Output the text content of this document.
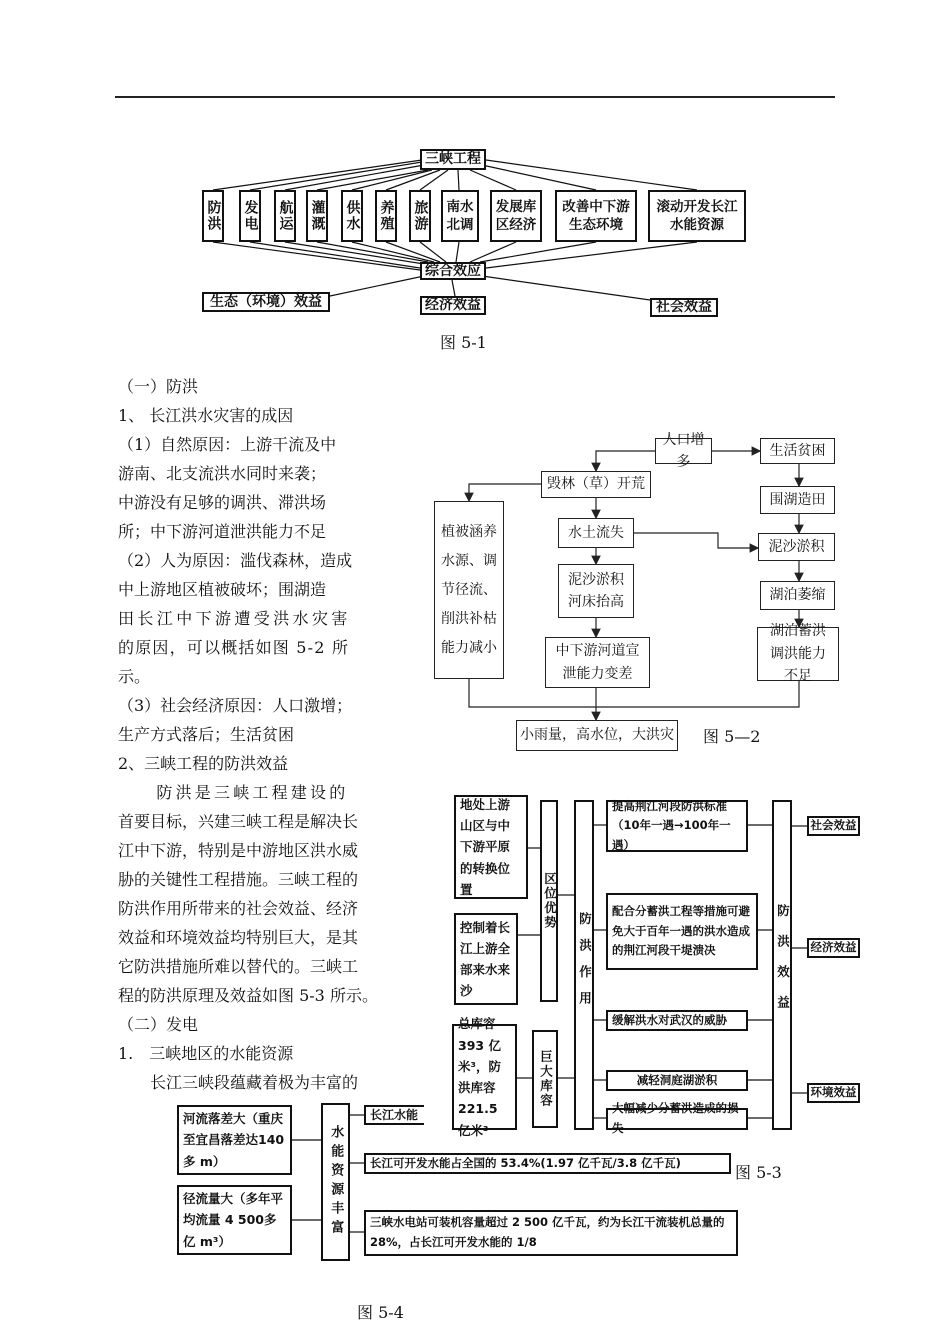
三峡工程
防洪 发电 航运 灌溉 供水 养殖 旅游	南水北调
发展库区经济
改善中下游生态环境
滚动开发长江水能资源
综合效应
生态（环境）效益	经济效益	社会效益
图 5-1
（一）防洪
1、 长江洪水灾害的成因
（1）自然原因：上游干流及中
游南、北支流洪水同时来袭；
中游没有足够的调洪、滞洪场
所；中下游河道泄洪能力不足
（2）人为原因：滥伐森林，造成
中上游地区植被破坏；围湖造
田长江中下游遭受洪水灾害
的原因，可以概括如图 5-2 所
示。
（3）社会经济原因：人口激增；
生产方式落后；生活贫困
2、三峡工程的防洪效益
　　防洪是三峡工程建设的
首要目标，兴建三峡工程是解决长
江中下游，特别是中游地区洪水威
胁的关键性工程措施。三峡工程的
防洪作用所带来的社会效益、经济
效益和环境效益均特别巨大，是其
它防洪措施所难以替代的。三峡工
程的防洪原理及效益如图 5-3 所示。
（二）发电
1.　三峡地区的水能资源
　　长江三峡段蕴藏着极为丰富的
人口增多
生活贫困
毁林（草）开荒
围湖造田
植被涵养水源、调节径流、削洪补枯能力减小
水土流失
泥沙淤积
泥沙淤积河床抬高	湖泊萎缩
中下游河道宣泄能力变差
湖泊蓄洪调洪能力不足
小雨量，高水位，大洪灾 图 5—2
地处上游山区与中下游平原的转换位置
控制着长江上游全部来水来沙
总库容 393 亿米³，防洪库容 221.5 亿米³
区位优势
巨大库容
防洪作用
提高荆江河段防洪标准（10年一遇→100年一遇）
配合分蓄洪工程等措施可避免大于百年一遇的洪水造成的荆江河段干堤溃决
缓解洪水对武汉的威胁
减轻洞庭湖淤积
大幅减少分蓄洪造成的损失
防洪效益
社会效益
经济效益
环境效益
图 5-3
河流落差大（重庆至宜昌落差达140 多 m）
径流量大（多年平均流量 4 500多亿 m³）
水能资源丰富
长江水能
长江可开发水能占全国的 53.4%(1.97 亿千瓦/3.8 亿千瓦)
三峡水电站可装机容量超过 2 500 亿千瓦，约为长江干流装机总量的 28%，占长江可开发水能的 1/8
图 5-4
